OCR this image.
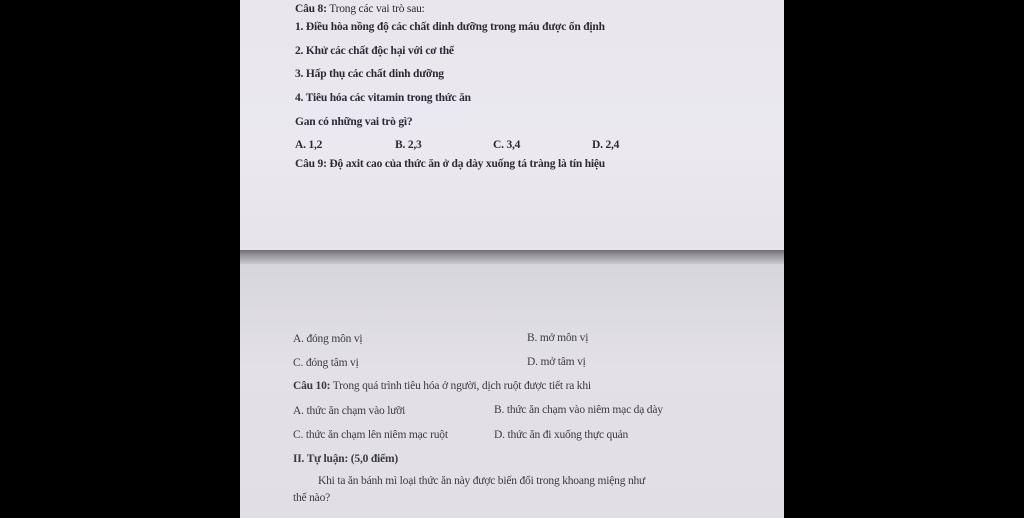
Câu 8: Trong các vai trò sau:
1. Điều hòa nồng độ các chất dinh dưỡng trong máu được ổn định
2. Khử các chất độc hại với cơ thể
3. Hấp thụ các chất dinh dưỡng
4. Tiêu hóa các vitamin trong thức ăn
Gan có những vai trò gì?
A. 1,2	B. 2,3	C. 3,4	D. 2,4
Câu 9: Độ axit cao của thức ăn ở dạ dày xuống tá tràng là tín hiệu
A. đóng môn vị	B. mở môn vị
C. đóng tâm vị	D. mở tâm vị
Câu 10: Trong quá trình tiêu hóa ở người, dịch ruột được tiết ra khi
A. thức ăn chạm vào lưỡi	B. thức ăn chạm vào niêm mạc dạ dày
C. thức ăn chạm lên niêm mạc ruột	D. thức ăn đi xuống thực quản
II. Tự luận: (5,0 điểm)
Khi ta ăn bánh mì loại thức ăn này được biến đổi trong khoang miệng như
thế nào?
